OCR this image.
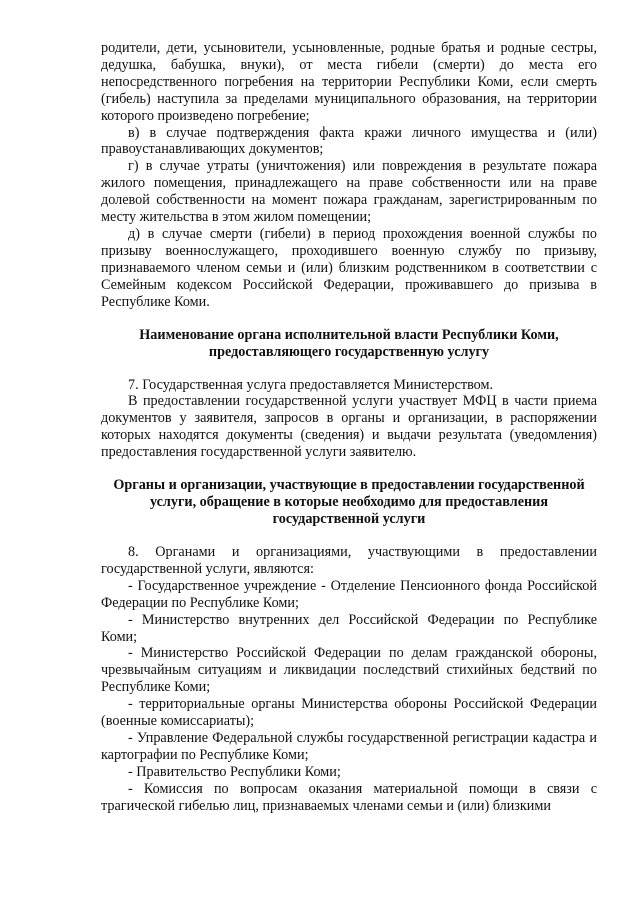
родители, дети, усыновители, усыновленные, родные братья и родные сестры, дедушка, бабушка, внуки), от места гибели (смерти) до места его непосредственного погребения на территории Республики Коми, если смерть (гибель) наступила за пределами муниципального образования, на территории которого произведено погребение;

в) в случае подтверждения факта кражи личного имущества и (или) правоустанавливающих документов;

г) в случае утраты (уничтожения) или повреждения в результате пожара жилого помещения, принадлежащего на праве собственности или на праве долевой собственности на момент пожара гражданам, зарегистрированным по месту жительства в этом жилом помещении;

д) в случае смерти (гибели) в период прохождения военной службы по призыву военнослужащего, проходившего военную службу по призыву, признаваемого членом семьи и (или) близким родственником в соответствии с Семейным кодексом Российской Федерации, проживавшего до призыва в Республике Коми.

Наименование органа исполнительной власти Республики Коми, предоставляющего государственную услугу

7. Государственная услуга предоставляется Министерством.

В предоставлении государственной услуги участвует МФЦ в части приема документов у заявителя, запросов в органы и организации, в распоряжении которых находятся документы (сведения) и выдачи результата (уведомления) предоставления государственной услуги заявителю.

Органы и организации, участвующие в предоставлении государственной услуги, обращение в которые необходимо для предоставления государственной услуги

8. Органами и организациями, участвующими в предоставлении государственной услуги, являются:

- Государственное учреждение - Отделение Пенсионного фонда Российской Федерации по Республике Коми;

- Министерство внутренних дел Российской Федерации по Республике Коми;

- Министерство Российской Федерации по делам гражданской обороны, чрезвычайным ситуациям и ликвидации последствий стихийных бедствий по Республике Коми;

- территориальные органы Министерства обороны Российской Федерации (военные комиссариаты);

- Управление Федеральной службы государственной регистрации кадастра и картографии по Республике Коми;

- Правительство Республики Коми;

- Комиссия по вопросам оказания материальной помощи в связи с трагической гибелью лиц, признаваемых членами семьи и (или) близкими
